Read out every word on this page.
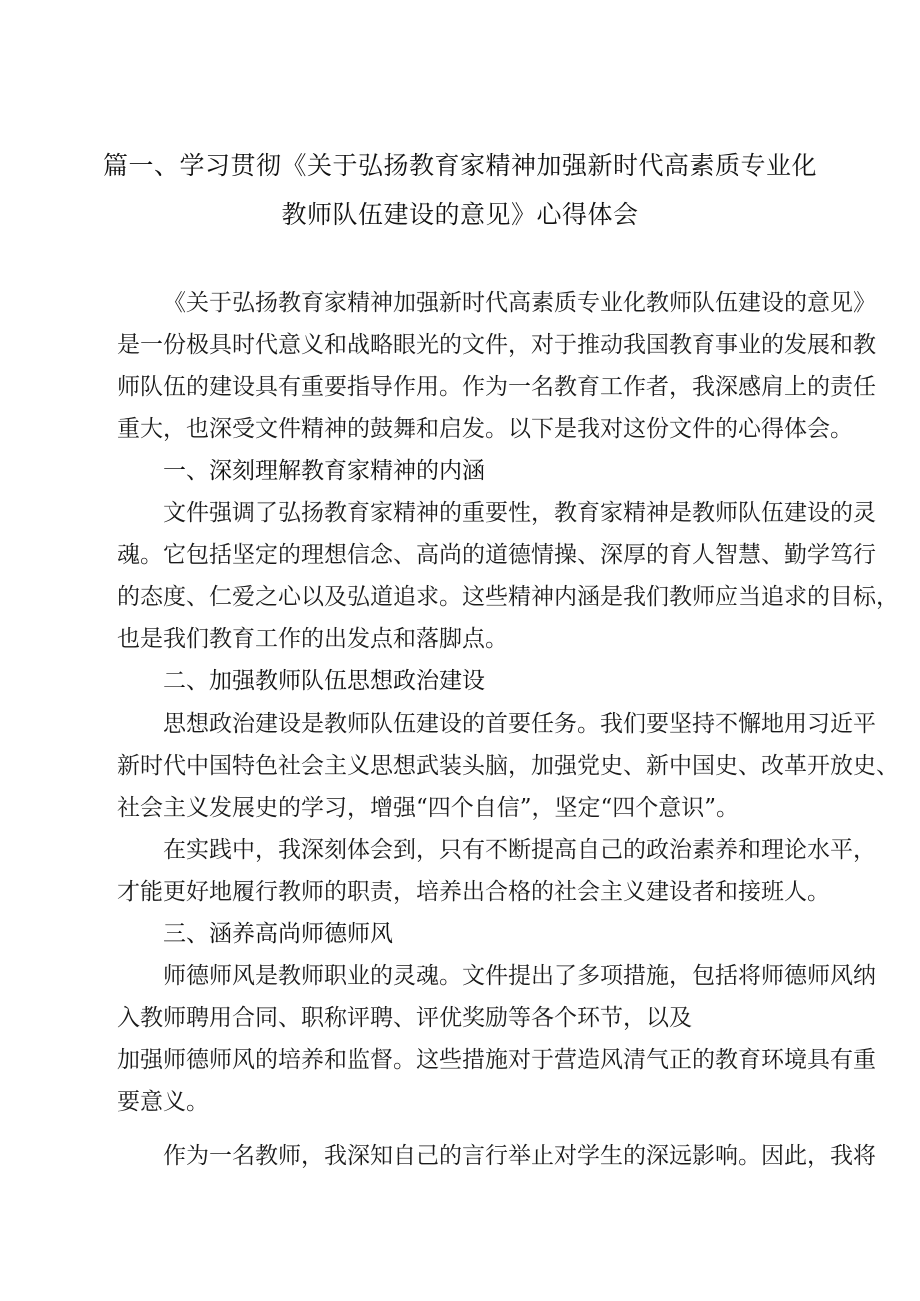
篇一、学习贯彻《关于弘扬教育家精神加强新时代高素质专业化
教师队伍建设的意见》心得体会
《关于弘扬教育家精神加强新时代高素质专业化教师队伍建设的意见》
是一份极具时代意义和战略眼光的文件，对于推动我国教育事业的发展和教
师队伍的建设具有重要指导作用。作为一名教育工作者，我深感肩上的责任
重大，也深受文件精神的鼓舞和启发。以下是我对这份文件的心得体会。
一、深刻理解教育家精神的内涵
文件强调了弘扬教育家精神的重要性，教育家精神是教师队伍建设的灵
魂。它包括坚定的理想信念、高尚的道德情操、深厚的育人智慧、勤学笃行
的态度、仁爱之心以及弘道追求。这些精神内涵是我们教师应当追求的目标，
也是我们教育工作的出发点和落脚点。
二、加强教师队伍思想政治建设
思想政治建设是教师队伍建设的首要任务。我们要坚持不懈地用习近平
新时代中国特色社会主义思想武装头脑，加强党史、新中国史、改革开放史、
社会主义发展史的学习，增强“四个自信”，坚定“四个意识”。
在实践中，我深刻体会到，只有不断提高自己的政治素养和理论水平，
才能更好地履行教师的职责，培养出合格的社会主义建设者和接班人。
三、涵养高尚师德师风
师德师风是教师职业的灵魂。文件提出了多项措施，包括将师德师风纳
入教师聘用合同、职称评聘、评优奖励等各个环节，以及
加强师德师风的培养和监督。这些措施对于营造风清气正的教育环境具有重
要意义。
作为一名教师，我深知自己的言行举止对学生的深远影响。因此，我将
